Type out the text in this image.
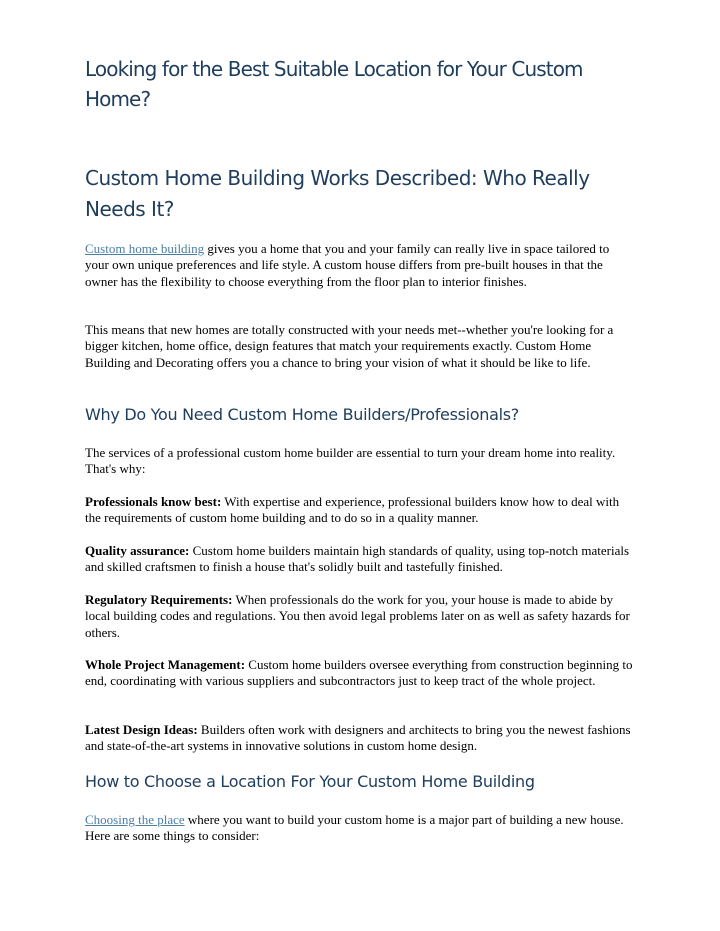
Looking for the Best Suitable Location for Your Custom Home?
Custom Home Building Works Described: Who Really Needs It?

Custom home building gives you a home that you and your family can really live in space tailored to your own unique preferences and life style. A custom house differs from pre-built houses in that the owner has the flexibility to choose everything from the floor plan to interior finishes.

This means that new homes are totally constructed with your needs met--whether you're looking for a bigger kitchen, home office, design features that match your requirements exactly. Custom Home Building and Decorating offers you a chance to bring your vision of what it should be like to life.

Why Do You Need Custom Home Builders/Professionals?

The services of a professional custom home builder are essential to turn your dream home into reality. That's why:

Professionals know best: With expertise and experience, professional builders know how to deal with the requirements of custom home building and to do so in a quality manner.

Quality assurance: Custom home builders maintain high standards of quality, using top-notch materials and skilled craftsmen to finish a house that's solidly built and tastefully finished.

Regulatory Requirements: When professionals do the work for you, your house is made to abide by local building codes and regulations. You then avoid legal problems later on as well as safety hazards for others.

Whole Project Management: Custom home builders oversee everything from construction beginning to end, coordinating with various suppliers and subcontractors just to keep tract of the whole project.

Latest Design Ideas: Builders often work with designers and architects to bring you the newest fashions and state-of-the-art systems in innovative solutions in custom home design.

How to Choose a Location For Your Custom Home Building

Choosing the place where you want to build your custom home is a major part of building a new house. Here are some things to consider:
